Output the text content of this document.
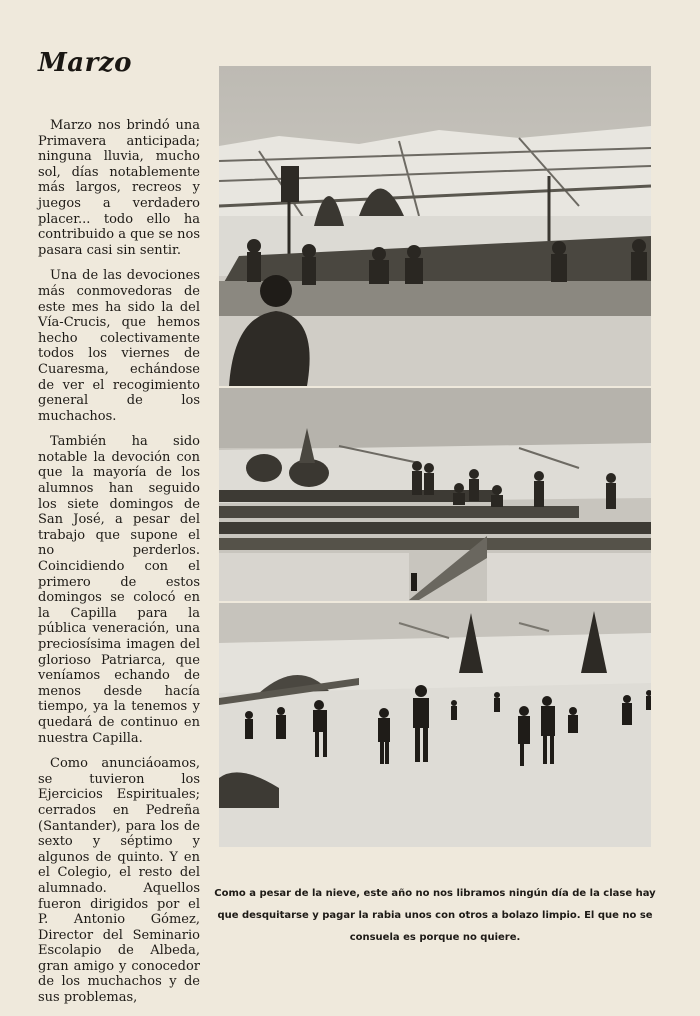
Marzo

Marzo nos brindó una Primavera anticipada; ninguna lluvia, mucho sol, días notablemente más largos, recreos y juegos a verdadero placer... todo ello ha contribuido a que se nos pasara casi sin sentir.

Una de las devociones más conmovedoras de este mes ha sido la del Vía-Crucis, que hemos hecho colectivamente todos los viernes de Cuaresma, echándose de ver el recogimiento general de los muchachos.

También ha sido notable la devoción con que la mayoría de los alumnos han seguido los siete domingos de San José, a pesar del trabajo que supone el no perderlos. Coincidiendo con el primero de estos domingos se colocó en la Capilla para la pública veneración, una preciosísima imagen del glorioso Patriarca, que veníamos echando de menos desde hacía tiempo, ya la tenemos y quedará de continuo en nuestra Capilla.

Como anunciáoamos, se tuvieron los Ejercicios Espirituales; cerrados en Pedreña (Santander), para los de sexto y séptimo y algunos de quinto. Y en el Colegio, el resto del alumnado. Aquellos fueron dirigidos por el P. Antonio Gómez, Director del Seminario Escolapio de Albeda, gran amigo y conocedor de los muchachos y de sus problemas,

Como a pesar de la nieve, este año no nos libramos ningún día de la clase hay que desquitarse y pagar la rabia unos con otros a bolazo limpio. El que no se consuela es porque no quiere.
